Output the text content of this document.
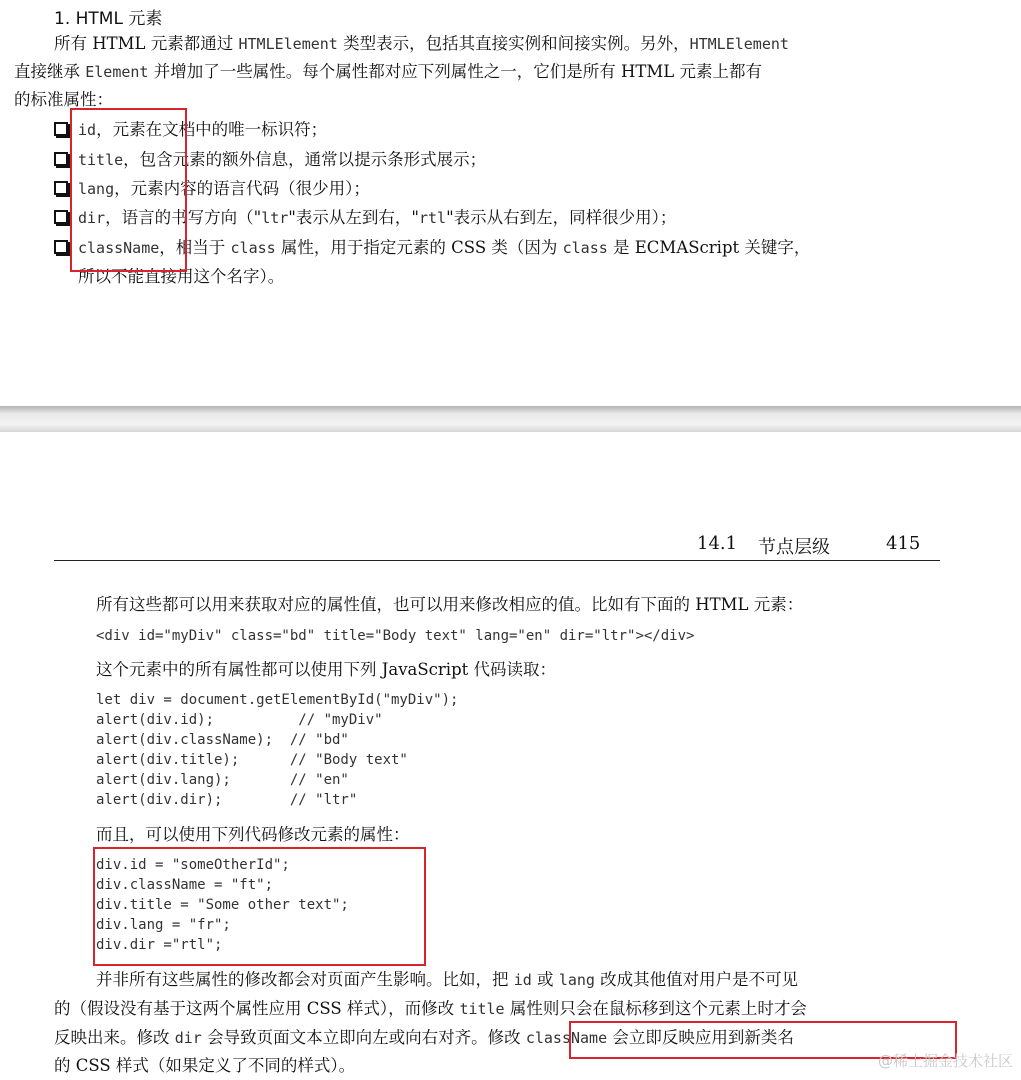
1. HTML 元素
所有 HTML 元素都通过 HTMLElement 类型表示，包括其直接实例和间接实例。另外，HTMLElement
直接继承 Element 并增加了一些属性。每个属性都对应下列属性之一，它们是所有 HTML 元素上都有
的标准属性：
id，元素在文档中的唯一标识符；
title，包含元素的额外信息，通常以提示条形式展示；
lang，元素内容的语言代码（很少用）；
dir，语言的书写方向（"ltr"表示从左到右，"rtl"表示从右到左，同样很少用）；
className，相当于 class 属性，用于指定元素的 CSS 类（因为 class 是 ECMAScript 关键字，
所以不能直接用这个名字）。
14.1 节点层级	415
所有这些都可以用来获取对应的属性值，也可以用来修改相应的值。比如有下面的 HTML 元素：
<div id="myDiv" class="bd" title="Body text" lang="en" dir="ltr"></div>
这个元素中的所有属性都可以使用下列 JavaScript 代码读取：
let div = document.getElementById("myDiv");
alert(div.id);          // "myDiv"
alert(div.className);  // "bd"
alert(div.title);      // "Body text"
alert(div.lang);       // "en"
alert(div.dir);        // "ltr"
而且，可以使用下列代码修改元素的属性：
div.id = "someOtherId";
div.className = "ft";
div.title = "Some other text";
div.lang = "fr";
div.dir ="rtl";
并非所有这些属性的修改都会对页面产生影响。比如，把 id 或 lang 改成其他值对用户是不可见
的（假设没有基于这两个属性应用 CSS 样式），而修改 title 属性则只会在鼠标移到这个元素上时才会
反映出来。修改 dir 会导致页面文本立即向左或向右对齐。修改 className 会立即反映应用到新类名
的 CSS 样式（如果定义了不同的样式）。	@稀土掘金技术社区
